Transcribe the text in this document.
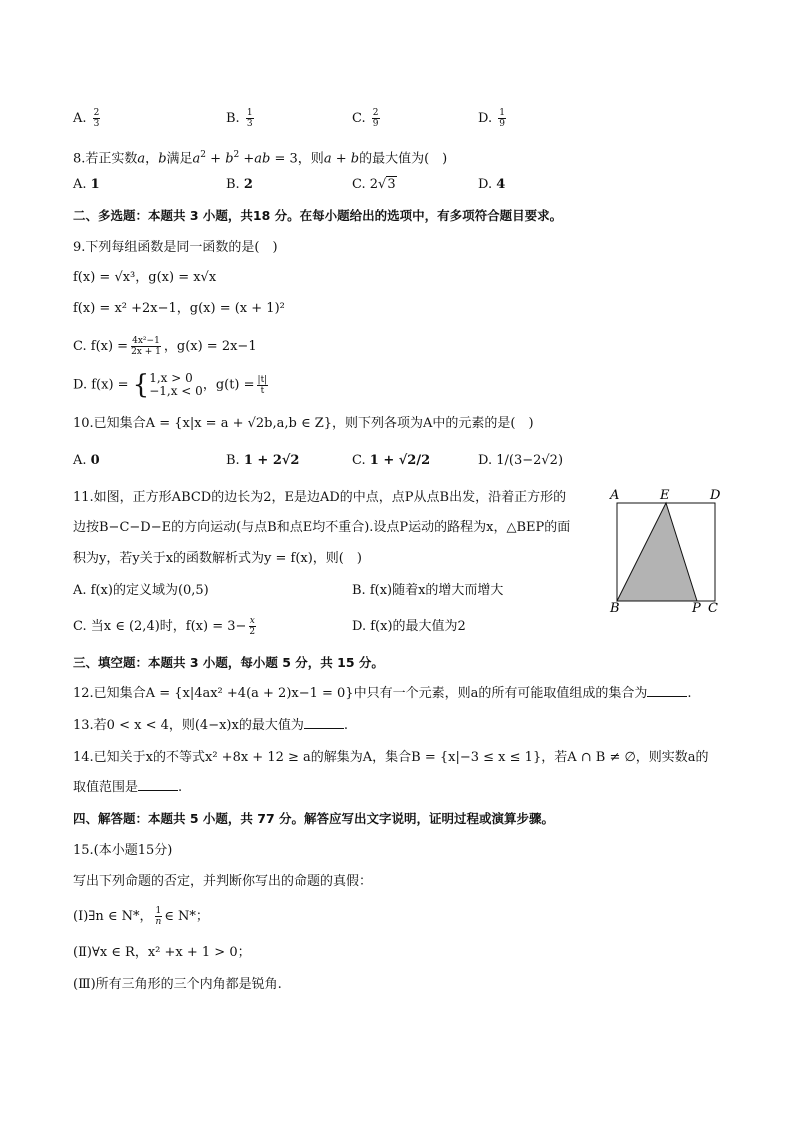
A. $\frac{2}{3}$	B. $\frac{1}{3}$	C. $\frac{2}{9}$	D. $\frac{1}{9}$
8.若正实数a，b满足$a^2 + b^2 +ab = 3$，则a + b的最大值为(　)
A. 1	B. 2	C. 2√3	D. 4
二、多选题：本题共 3 小题，共18 分。在每小题给出的选项中，有多项符合题目要求。
9.下列每组函数是同一函数的是(　)
f(x) = √x³，g(x) = x√x
f(x) = x² +2x−1，g(x) = (x + 1)²
C. $f(x) = \frac{\text{4x²−1}}{2x + 1}$ ，g(x) = 2x−1
D. f(x) = { 1,x > 0
−1,x < 0 ，$g(t) = \frac{|t|}{t}$
10.已知集合A = {x|x = a + √2b,a,b ∈ Z}，则下列各项为A中的元素的是(　)
A. 0	B. 1 + 2√2	C. 1 + √2/2	D. 1/(3−2√2)
11.如图，正方形ABCD的边长为2，E是边AD的中点，点P从点B出发，沿着正方形的
边按B−C−D−E的方向运动(与点B和点E均不重合).设点P运动的路程为x，△BEP的面
积为y，若y关于x的函数解析式为y = f(x)，则(　)
A. f(x)的定义域为(0,5)	B. f(x)随着x的增大而增大
C. 当x ∈ (2,4)时，$f(x) = 3- \frac{x}{2}$	D. f(x)的最大值为2
A	E	D
B	P C
三、填空题：本题共 3 小题，每小题 5 分，共 15 分。
12.已知集合A = {x|4ax² +4(a + 2)x−1 = 0}中只有一个元素，则a的所有可能取值组成的集合为	.
13.若0 < x < 4，则(4−x)x的最大值为	.
14.已知关于x的不等式x² +8x + 12 ≥ a的解集为A，集合B = {x|−3 ≤ x ≤ 1}，若A ∩ B ≠ ∅，则实数a的
取值范围是	.
四、解答题：本题共 5 小题，共 77 分。解答应写出文字说明，证明过程或演算步骤。
15.(本小题15分)
写出下列命题的否定，并判断你写出的命题的真假：
(Ⅰ)∃n ∈ N*， $\frac{1}{n}$ ∈ N*；
(Ⅱ)∀x ∈ R，x² +x + 1 > 0；
(Ⅲ)所有三角形的三个内角都是锐角.
